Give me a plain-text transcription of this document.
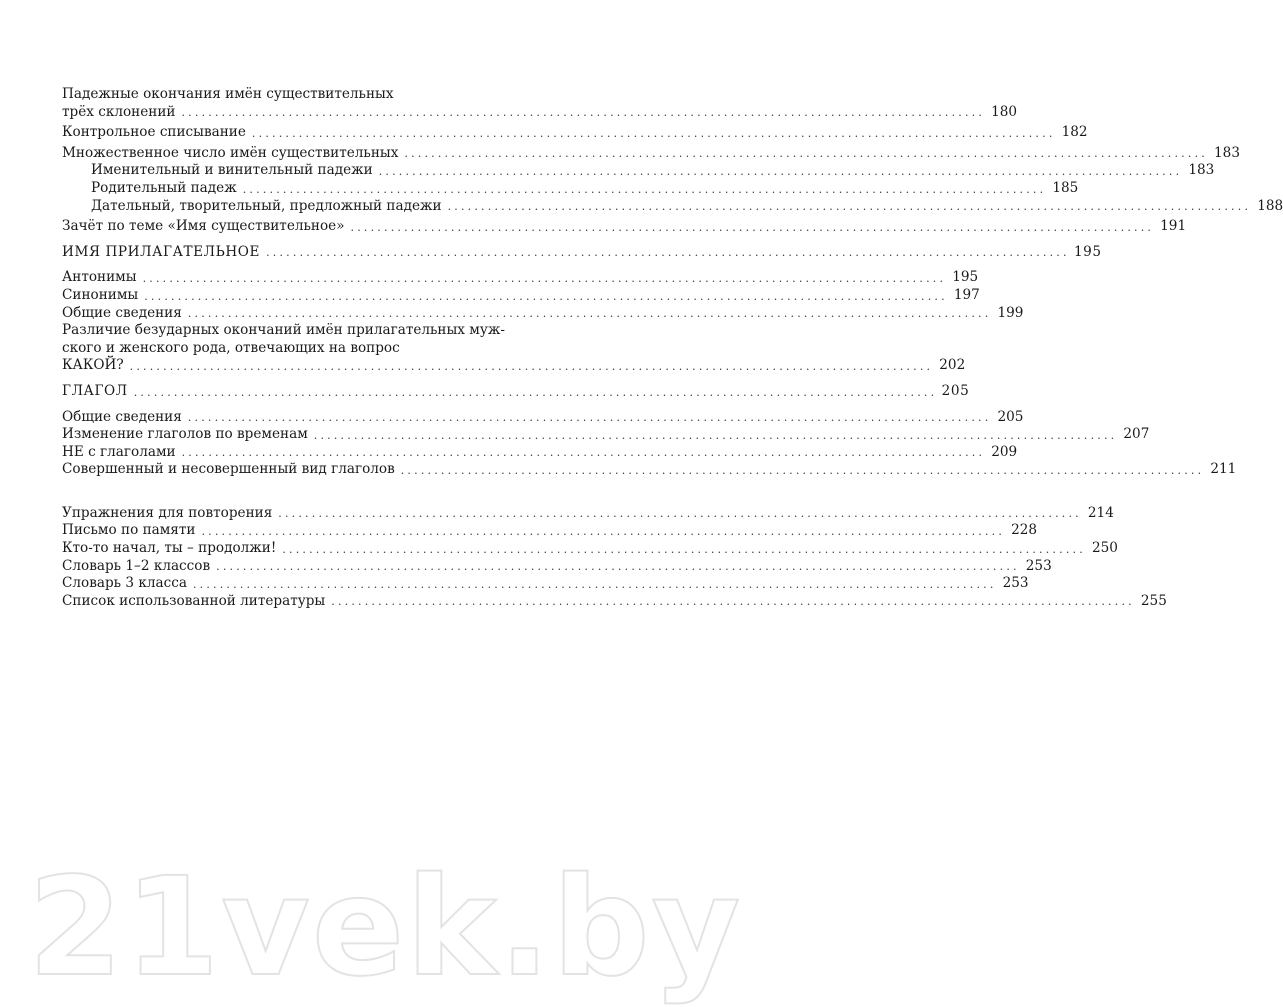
Падежные окончания имён существительных
трёх склонений ........................................................................................................................ 180
Контрольное списывание ........................................................................................................................ 182
Множественное число имён существительных ........................................................................................................................ 183
Именительный и винительный падежи ........................................................................................................................ 183
Родительный падеж ........................................................................................................................ 185
Дательный, творительный, предложный падежи ........................................................................................................................ 188
Зачёт по теме «Имя существительное» ........................................................................................................................ 191
ИМЯ ПРИЛАГАТЕЛЬНОЕ ........................................................................................................................ 195
Антонимы ........................................................................................................................ 195
Синонимы ........................................................................................................................ 197
Общие сведения ........................................................................................................................ 199
Различие безударных окончаний имён прилагательных муж-
ского и женского рода, отвечающих на вопрос
КАКОЙ? ........................................................................................................................ 202
ГЛАГОЛ ........................................................................................................................ 205
Общие сведения ........................................................................................................................ 205
Изменение глаголов по временам ........................................................................................................................ 207
НЕ с глаголами ........................................................................................................................ 209
Совершенный и несовершенный вид глаголов ........................................................................................................................ 211
Упражнения для повторения ........................................................................................................................ 214
Письмо по памяти ........................................................................................................................ 228
Кто-то начал, ты – продолжи! ........................................................................................................................ 250
Словарь 1–2 классов ........................................................................................................................ 253
Словарь 3 класса ........................................................................................................................ 253
Список использованной литературы ........................................................................................................................ 255
21vek.by
